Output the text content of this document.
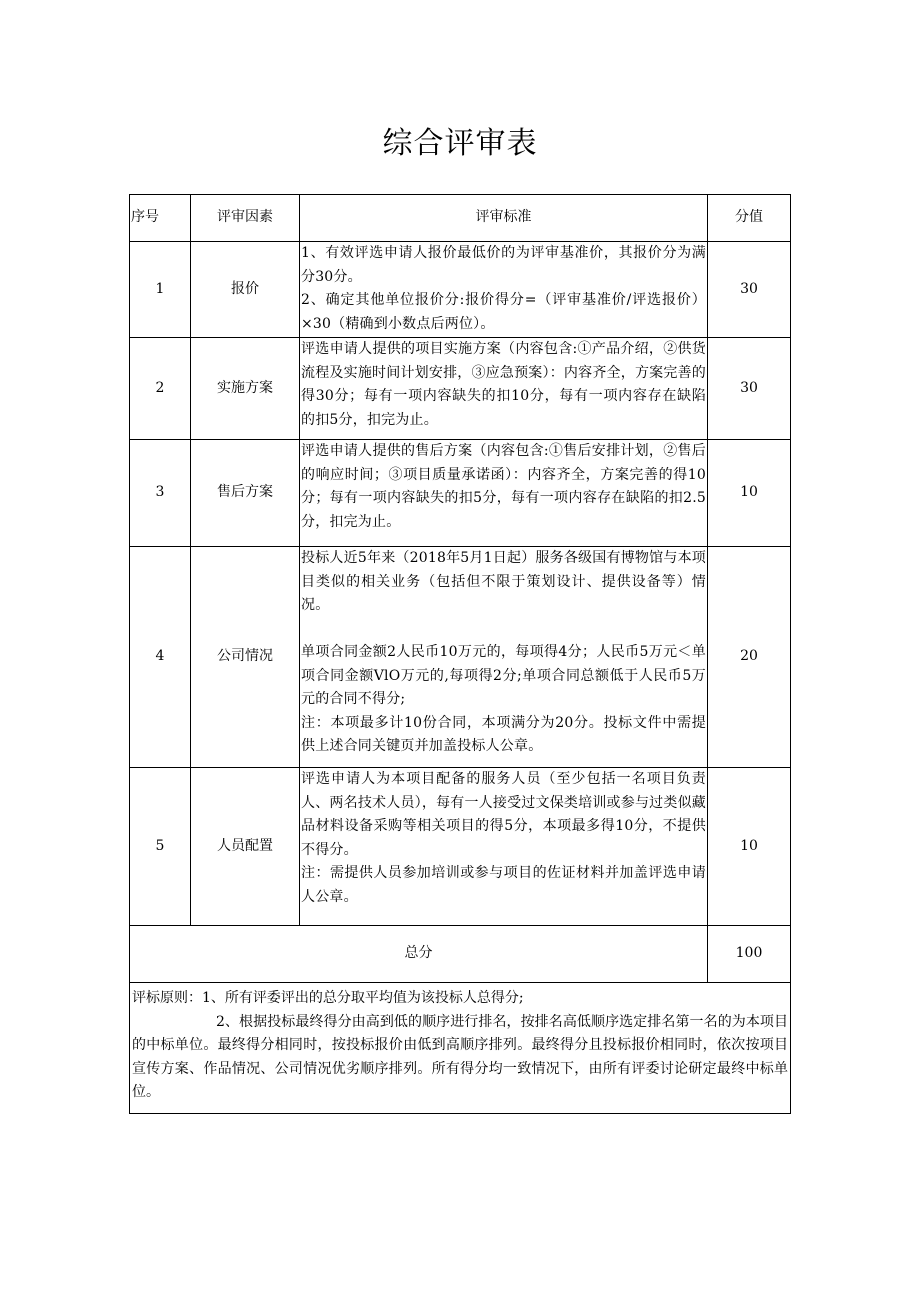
综合评审表
序号	评审因素	评审标准	分值
1	报价	1、有效评选申请人报价最低价的为评审基准价，其报价分为满分30分。

2、确定其他单位报价分:报价得分=（评审基准价/评选报价）×30（精确到小数点后两位）。	30
2	实施方案	评选申请人提供的项目实施方案（内容包含:①产品介绍，②供货流程及实施时间计划安排，③应急预案）：内容齐全，方案完善的得30分；每有一项内容缺失的扣10分，每有一项内容存在缺陷的扣5分，扣完为止。	30
3	售后方案	评选申请人提供的售后方案（内容包含:①售后安排计划，②售后的响应时间；③项目质量承诺函）：内容齐全，方案完善的得10分；每有一项内容缺失的扣5分，每有一项内容存在缺陷的扣2.5分，扣完为止。	10
4	公司情况	投标人近5年来（2018年5月1日起）服务各级国有博物馆与本项目类似的相关业务（包括但不限于策划设计、提供设备等）情况。

单项合同金额2人民币10万元的，每项得4分；人民币5万元＜单项合同金额VlO万元的,每项得2分;单项合同总额低于人民币5万元的合同不得分;

注：本项最多计10份合同，本项满分为20分。投标文件中需提供上述合同关键页并加盖投标人公章。	20
5	人员配置	评选申请人为本项目配备的服务人员（至少包括一名项目负责人、两名技术人员），每有一人接受过文保类培训或参与过类似藏品材料设备采购等相关项目的得5分，本项最多得10分，不提供不得分。

注：需提供人员参加培训或参与项目的佐证材料并加盖评选申请人公章。	10
总分			100

评标原则：1、所有评委评出的总分取平均值为该投标人总得分;

2、根据投标最终得分由高到低的顺序进行排名，按排名高低顺序选定排名第一名的为本项目的中标单位。最终得分相同时，按投标报价由低到高顺序排列。最终得分且投标报价相同时，依次按项目宣传方案、作品情况、公司情况优劣顺序排列。所有得分均一致情况下，由所有评委讨论研定最终中标单位。			
